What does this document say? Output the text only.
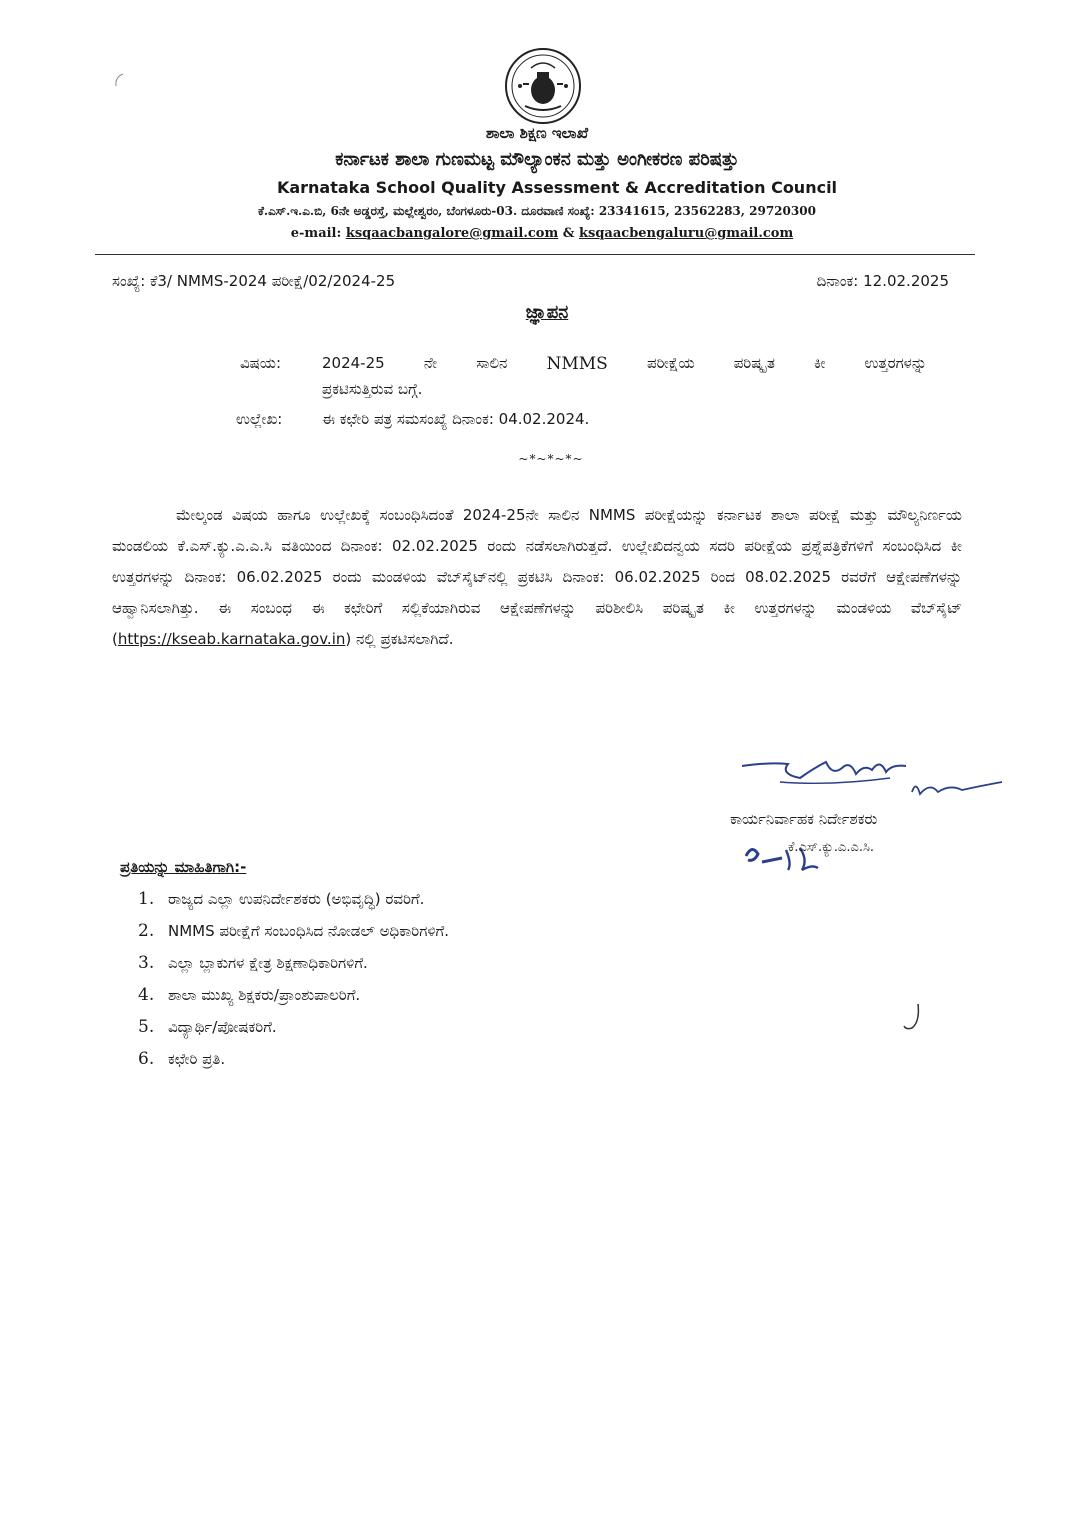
ಶಾಲಾ ಶಿಕ್ಷಣ ಇಲಾಖೆ
ಕರ್ನಾಟಕ ಶಾಲಾ ಗುಣಮಟ್ಟ ಮೌಲ್ಯಾಂಕನ ಮತ್ತು ಅಂಗೀಕರಣ ಪರಿಷತ್ತು
Karnataka School Quality Assessment & Accreditation Council
ಕೆ.ಎಸ್.ಇ.ಎ.ಬಿ, 6ನೇ ಅಡ್ಡರಸ್ತೆ, ಮಲ್ಲೇಶ್ವರಂ, ಬೆಂಗಳೂರು-03. ದೂರವಾಣಿ ಸಂಖ್ಯೆ: 23341615, 23562283, 29720300
e-mail: ksqaacbangalore@gmail.com & ksqaacbengaluru@gmail.com
ಸಂಖ್ಯೆ: ಕೆ3/ NMMS-2024 ಪರೀಕ್ಷೆ/02/2024-25	ದಿನಾಂಕ: 12.02.2025
ಜ್ಞಾಪನ
ವಿಷಯ:	2024-25	ನೇ	ಸಾಲಿನ NMMS	ಪರೀಕ್ಷೆಯ	ಪರಿಷ್ಕೃತ	ಕೀ	ಉತ್ತರಗಳನ್ನು
ಪ್ರಕಟಿಸುತ್ತಿರುವ ಬಗ್ಗೆ.
ಉಲ್ಲೇಖ:	ಈ ಕಛೇರಿ ಪತ್ರ ಸಮಸಂಖ್ಯೆ ದಿನಾಂಕ: 04.02.2024.
~*~*~*~
ಮೇಲ್ಕಂಡ ವಿಷಯ ಹಾಗೂ ಉಲ್ಲೇಖಕ್ಕೆ ಸಂಬಂಧಿಸಿದಂತೆ 2024-25ನೇ ಸಾಲಿನ NMMS ಪರೀಕ್ಷೆಯನ್ನು ಕರ್ನಾಟಕ ಶಾಲಾ ಪರೀಕ್ಷೆ ಮತ್ತು ಮೌಲ್ಯನಿರ್ಣಯ ಮಂಡಲಿಯ ಕೆ.ಎಸ್.ಕ್ಯು.ಎ.ಎ.ಸಿ ವತಿಯಿಂದ ದಿನಾಂಕ: 02.02.2025 ರಂದು ನಡೆಸಲಾಗಿರುತ್ತದೆ. ಉಲ್ಲೇಖಿದನ್ವಯ ಸದರಿ ಪರೀಕ್ಷೆಯ ಪ್ರಶ್ನೆಪತ್ರಿಕೆಗಳಿಗೆ ಸಂಬಂಧಿಸಿದ ಕೀ ಉತ್ತರಗಳನ್ನು ದಿನಾಂಕ: 06.02.2025 ರಂದು ಮಂಡಳಿಯ ವೆಬ್‌ಸೈಟ್‌ನಲ್ಲಿ ಪ್ರಕಟಿಸಿ ದಿನಾಂಕ: 06.02.2025 ರಿಂದ 08.02.2025 ರವರೆಗೆ ಆಕ್ಷೇಪಣೆಗಳನ್ನು ಆಹ್ವಾನಿಸಲಾಗಿತ್ತು. ಈ ಸಂಬಂಧ ಈ ಕಛೇರಿಗೆ ಸಲ್ಲಿಕೆಯಾಗಿರುವ ಆಕ್ಷೇಪಣೆಗಳನ್ನು ಪರಿಶೀಲಿಸಿ ಪರಿಷ್ಕೃತ ಕೀ ಉತ್ತರಗಳನ್ನು ಮಂಡಳಿಯ ವೆಬ್‌ಸೈಟ್ (https://kseab.karnataka.gov.in) ನಲ್ಲಿ ಪ್ರಕಟಿಸಲಾಗಿದೆ.
ಕಾರ್ಯನಿರ್ವಾಹಕ ನಿರ್ದೇಶಕರು
ಕೆ.ಎಸ್.ಕ್ಯು.ಎ.ಎ.ಸಿ.
ಪ್ರತಿಯನ್ನು ಮಾಹಿತಿಗಾಗಿ:-
1. ರಾಜ್ಯದ ಎಲ್ಲಾ ಉಪನಿರ್ದೇಶಕರು (ಅಭಿವೃದ್ಧಿ) ರವರಿಗೆ.
2. NMMS ಪರೀಕ್ಷೆಗೆ ಸಂಬಂಧಿಸಿದ ನೋಡಲ್ ಅಧಿಕಾರಿಗಳಿಗೆ.
3. ಎಲ್ಲಾ ಬ್ಲಾಕುಗಳ ಕ್ಷೇತ್ರ ಶಿಕ್ಷಣಾಧಿಕಾರಿಗಳಿಗೆ.
4. ಶಾಲಾ ಮುಖ್ಯ ಶಿಕ್ಷಕರು/ಪ್ರಾಂಶುಪಾಲರಿಗೆ.
5. ವಿದ್ಯಾರ್ಥಿ/ಪೋಷಕರಿಗೆ.
6. ಕಛೇರಿ ಪ್ರತಿ.
